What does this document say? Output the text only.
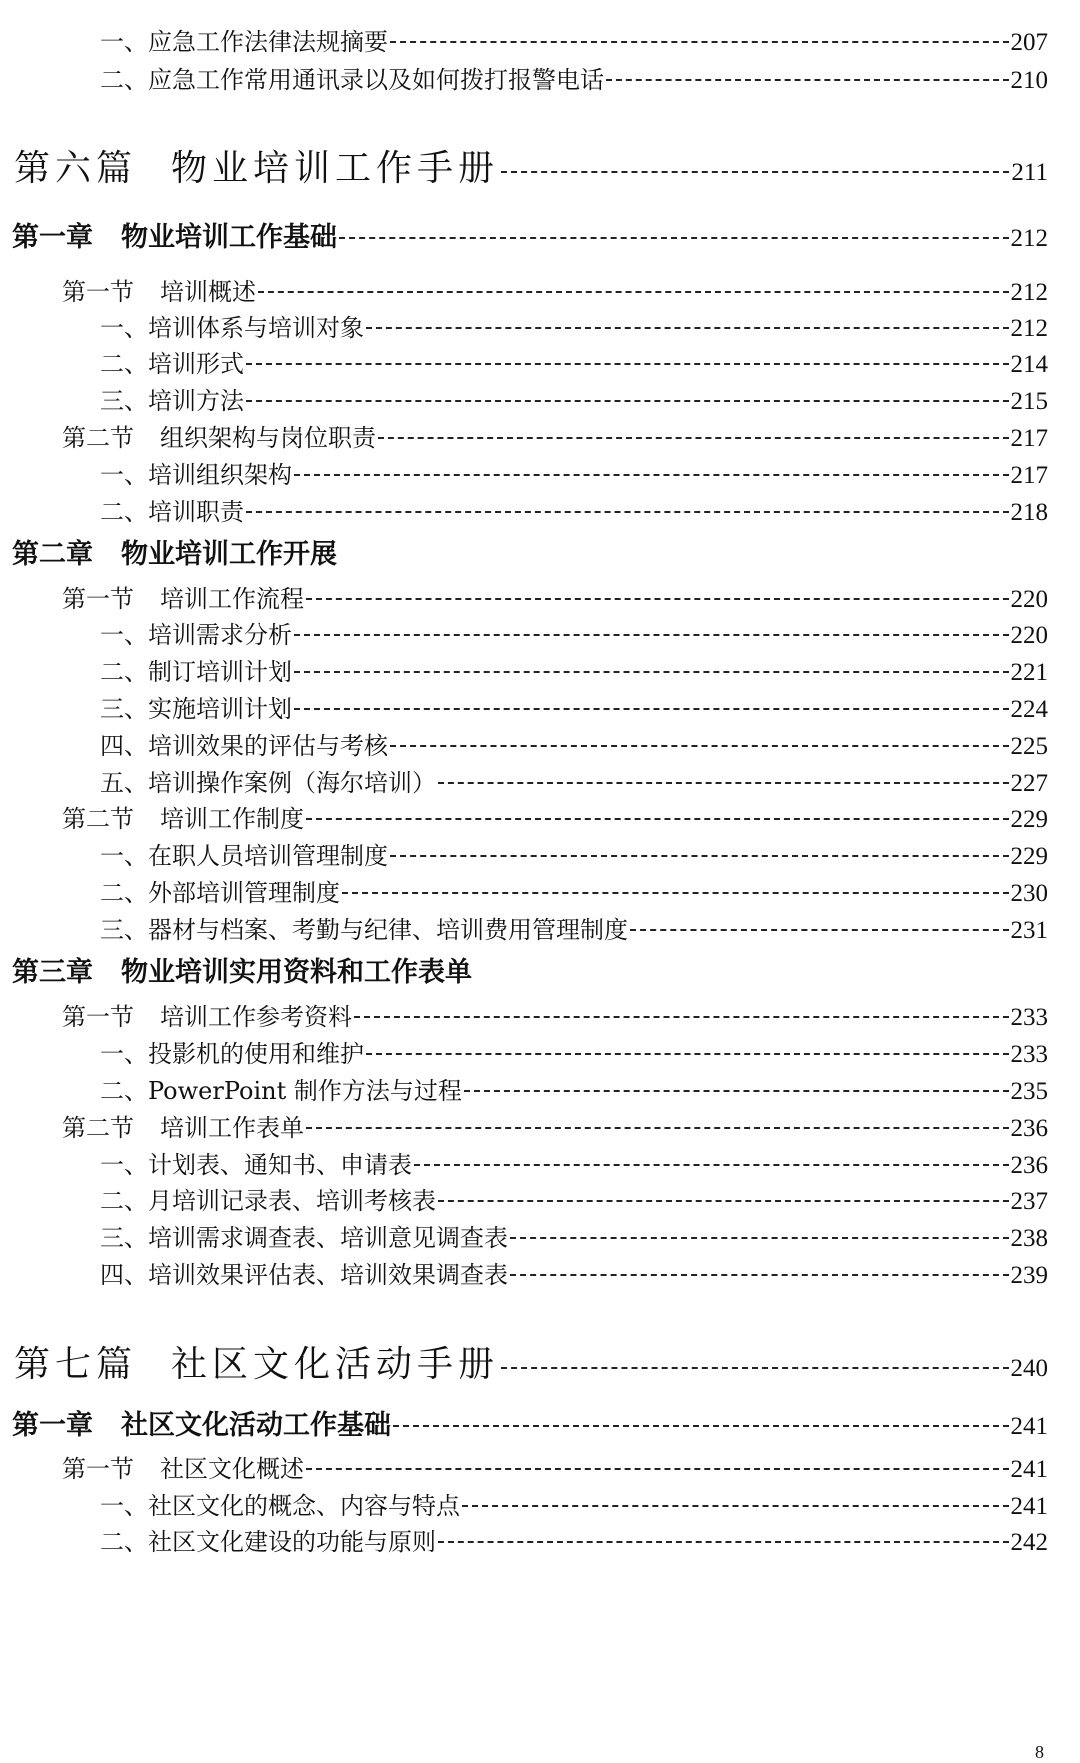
一、应急工作法律法规摘要	207
二、应急工作常用通讯录以及如何拨打报警电话	210
第六篇 物业培训工作手册	211
第一章 物业培训工作基础	212
第一节 培训概述	212
一、培训体系与培训对象	212
二、培训形式	214
三、培训方法	215
第二节 组织架构与岗位职责	217
一、培训组织架构	217
二、培训职责	218
第二章 物业培训工作开展
第一节 培训工作流程	220
一、培训需求分析	220
二、制订培训计划	221
三、实施培训计划	224
四、培训效果的评估与考核	225
五、培训操作案例（海尔培训）	227
第二节 培训工作制度	229
一、在职人员培训管理制度	229
二、外部培训管理制度	230
三、器材与档案、考勤与纪律、培训费用管理制度	231
第三章 物业培训实用资料和工作表单
第一节 培训工作参考资料	233
一、投影机的使用和维护	233
二、PowerPoint 制作方法与过程	235
第二节 培训工作表单	236
一、计划表、通知书、申请表	236
二、月培训记录表、培训考核表	237
三、培训需求调查表、培训意见调查表	238
四、培训效果评估表、培训效果调查表	239
第七篇 社区文化活动手册	240
第一章 社区文化活动工作基础	241
第一节 社区文化概述	241
一、社区文化的概念、内容与特点	241
二、社区文化建设的功能与原则	242
8
